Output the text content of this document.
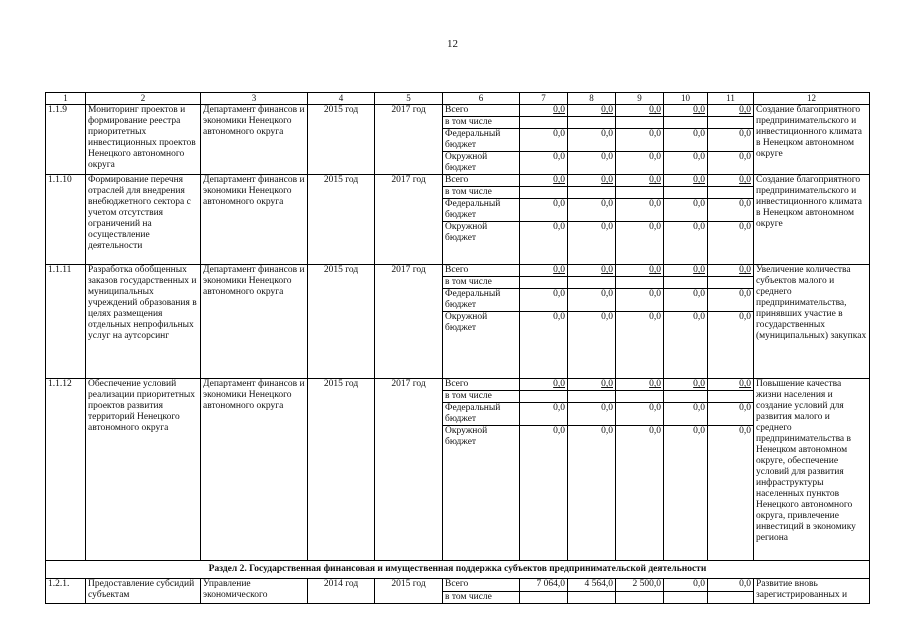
12
1	2	3	4	5	6	7	8	9	10	11	12
1.1.9	Мониторинг проектов и формирование реестра приоритетных инвестиционных проектов Ненецкого автономного округа	Департамент финансов и экономики Ненецкого автономного округа	2015 год	2017 год	Всего	0,0	0,0	0,0	0,0	0,0	Создание благоприятного предпринимательского и инвестиционного климата в Ненецком автономном округе
					в том числе						
					Федеральный бюджет	0,0	0,0	0,0	0,0	0,0	
					Окружной бюджет	0,0	0,0	0,0	0,0	0,0	
1.1.10	Формирование перечня отраслей для внедрения внебюджетного сектора с учетом отсутствия ограничений на осуществление деятельности	Департамент финансов и экономики Ненецкого автономного округа	2015 год	2017 год	Всего	0,0	0,0	0,0	0,0	0,0	Создание благоприятного предпринимательского и инвестиционного климата в Ненецком автономном округе
					в том числе						
					Федеральный бюджет	0,0	0,0	0,0	0,0	0,0	
					Окружной бюджет	0,0	0,0	0,0	0,0	0,0	
1.1.11	Разработка обобщенных заказов государственных и муниципальных учреждений образования в целях размещения отдельных непрофильных услуг на аутсорсинг	Департамент финансов и экономики Ненецкого автономного округа	2015 год	2017 год	Всего	0,0	0,0	0,0	0,0	0,0	Увеличение количества субъектов малого и среднего предпринимательства, принявших участие в государственных (муниципальных) закупках
					в том числе						
					Федеральный бюджет	0,0	0,0	0,0	0,0	0,0	
					Окружной бюджет	0,0	0,0	0,0	0,0	0,0	
1.1.12	Обеспечение условий реализации приоритетных проектов развития территорий Ненецкого автономного округа	Департамент финансов и экономики Ненецкого автономного округа	2015 год	2017 год	Всего	0,0	0,0	0,0	0,0	0,0	Повышение качества жизни населения и создание условий для развития малого и среднего предпринимательства в Ненецком автономном округе, обеспечение условий для развития инфраструктуры населенных пунктов Ненецкого автономного округа, привлечение инвестиций в экономику региона
					в том числе						
					Федеральный бюджет	0,0	0,0	0,0	0,0	0,0	
					Окружной бюджет	0,0	0,0	0,0	0,0	0,0	
Раздел 2. Государственная финансовая и имущественная поддержка субъектов предпринимательской деятельности											
1.2.1.	Предоставление субсидий субъектам	Управление экономического	2014 год	2015 год	Всего	7 064,0	4 564,0	2 500,0	0,0	0,0	Развитие вновь зарегистрированных и
					в том числе						
